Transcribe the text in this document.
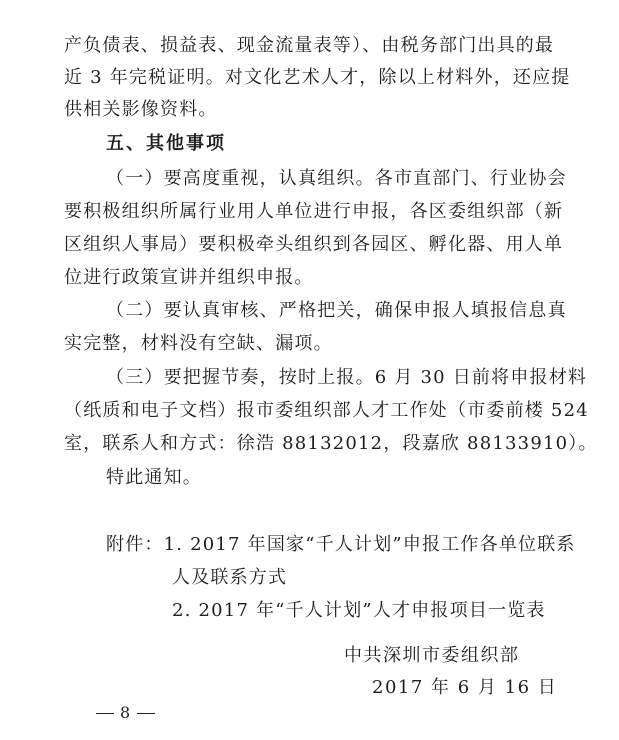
产负债表、损益表、现金流量表等）、由税务部门出具的最
近 3 年完税证明。对文化艺术人才，除以上材料外，还应提
供相关影像资料。
五、其他事项
（一）要高度重视，认真组织。各市直部门、行业协会
要积极组织所属行业用人单位进行申报，各区委组织部（新
区组织人事局）要积极牵头组织到各园区、孵化器、用人单
位进行政策宣讲并组织申报。
（二）要认真审核、严格把关，确保申报人填报信息真
实完整，材料没有空缺、漏项。
（三）要把握节奏，按时上报。6 月 30 日前将申报材料
（纸质和电子文档）报市委组织部人才工作处（市委前楼 524
室，联系人和方式：徐浩 88132012，段嘉欣 88133910）。
特此通知。
附件：1. 2017 年国家“千人计划”申报工作各单位联系
人及联系方式
2. 2017 年“千人计划”人才申报项目一览表
中共深圳市委组织部
2017 年 6 月 16 日
8
